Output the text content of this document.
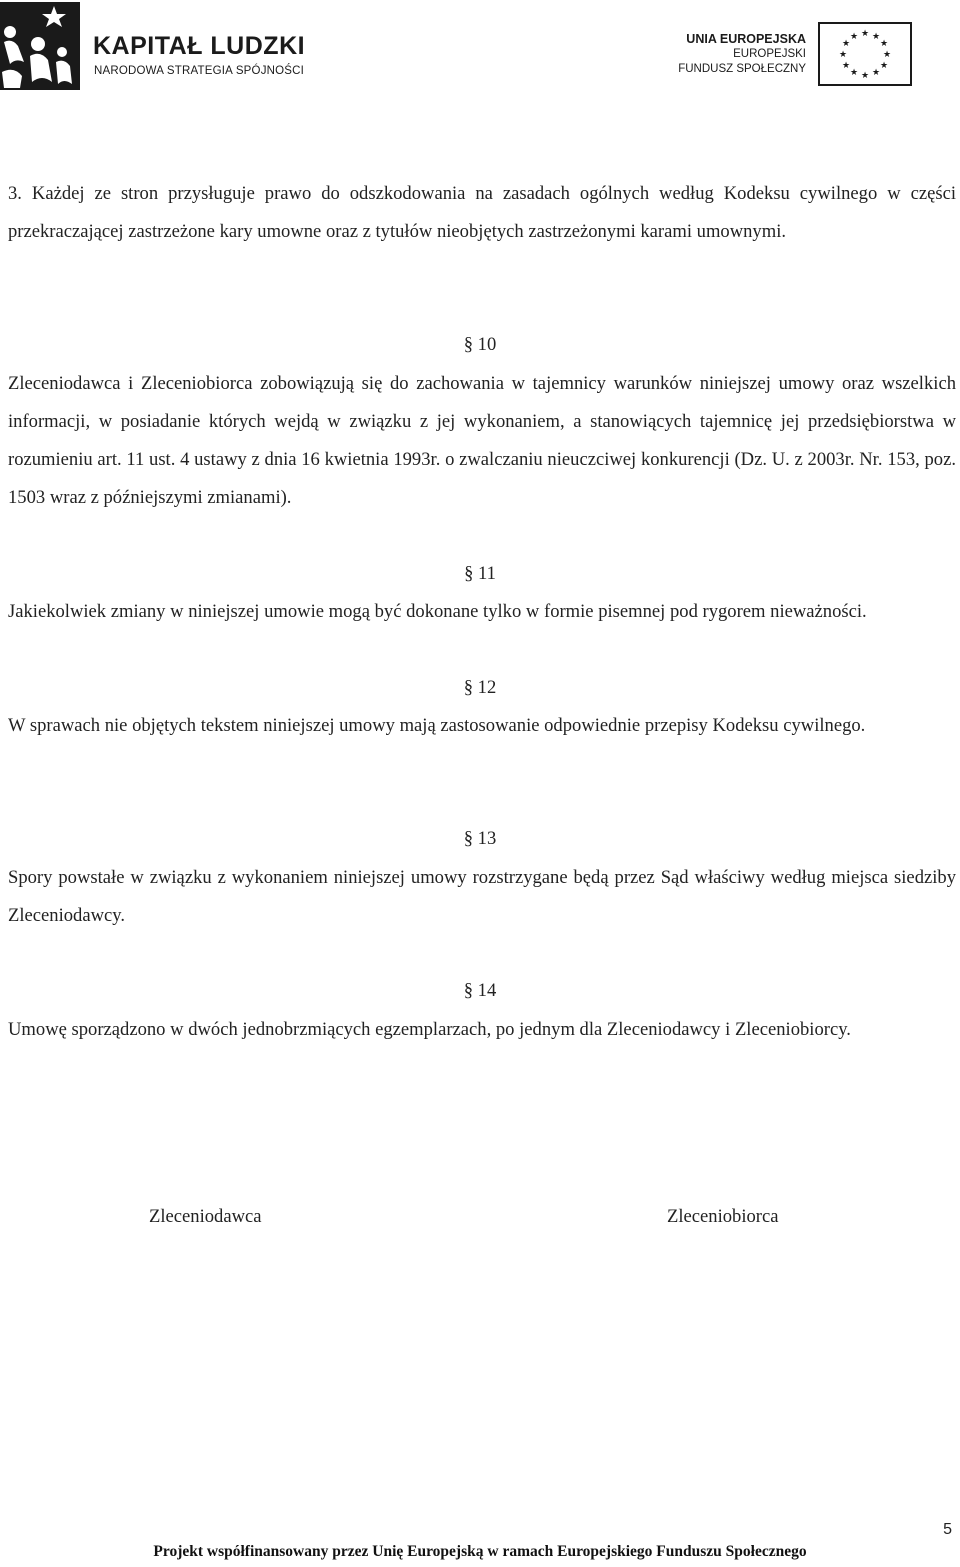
KAPITAŁ LUDZKI
NARODOWA STRATEGIA SPÓJNOŚCI
UNIA EUROPEJSKA
EUROPEJSKI
FUNDUSZ SPOŁECZNY
★ ★
★
★
★
★
★
★
★
★
★
★

3. Każdej ze stron przysługuje prawo do odszkodowania na zasadach ogólnych według Kodeksu cywilnego w części przekraczającej zastrzeżone kary umowne oraz z tytułów nieobjętych zastrzeżonymi karami umownymi.

§ 10

Zleceniodawca i Zleceniobiorca zobowiązują się do zachowania w tajemnicy warunków niniejszej umowy oraz wszelkich informacji, w posiadanie których wejdą w związku z jej wykonaniem, a stanowiących tajemnicę jej przedsiębiorstwa w rozumieniu art. 11 ust. 4 ustawy z dnia 16 kwietnia 1993r. o zwalczaniu nieuczciwej konkurencji (Dz. U. z 2003r. Nr. 153, poz. 1503 wraz z późniejszymi zmianami).

§ 11

Jakiekolwiek zmiany w niniejszej umowie mogą być dokonane tylko w formie pisemnej pod rygorem nieważności.

§ 12

W sprawach nie objętych tekstem niniejszej umowy mają zastosowanie odpowiednie przepisy Kodeksu cywilnego.

§ 13

Spory powstałe w związku z wykonaniem niniejszej umowy rozstrzygane będą przez Sąd właściwy według miejsca siedziby Zleceniodawcy.

§ 14

Umowę sporządzono w dwóch jednobrzmiących egzemplarzach, po jednym dla Zleceniodawcy i Zleceniobiorcy.

Zleceniodawca	Zleceniobiorca
5
Projekt współfinansowany przez Unię Europejską w ramach Europejskiego Funduszu Społecznego
